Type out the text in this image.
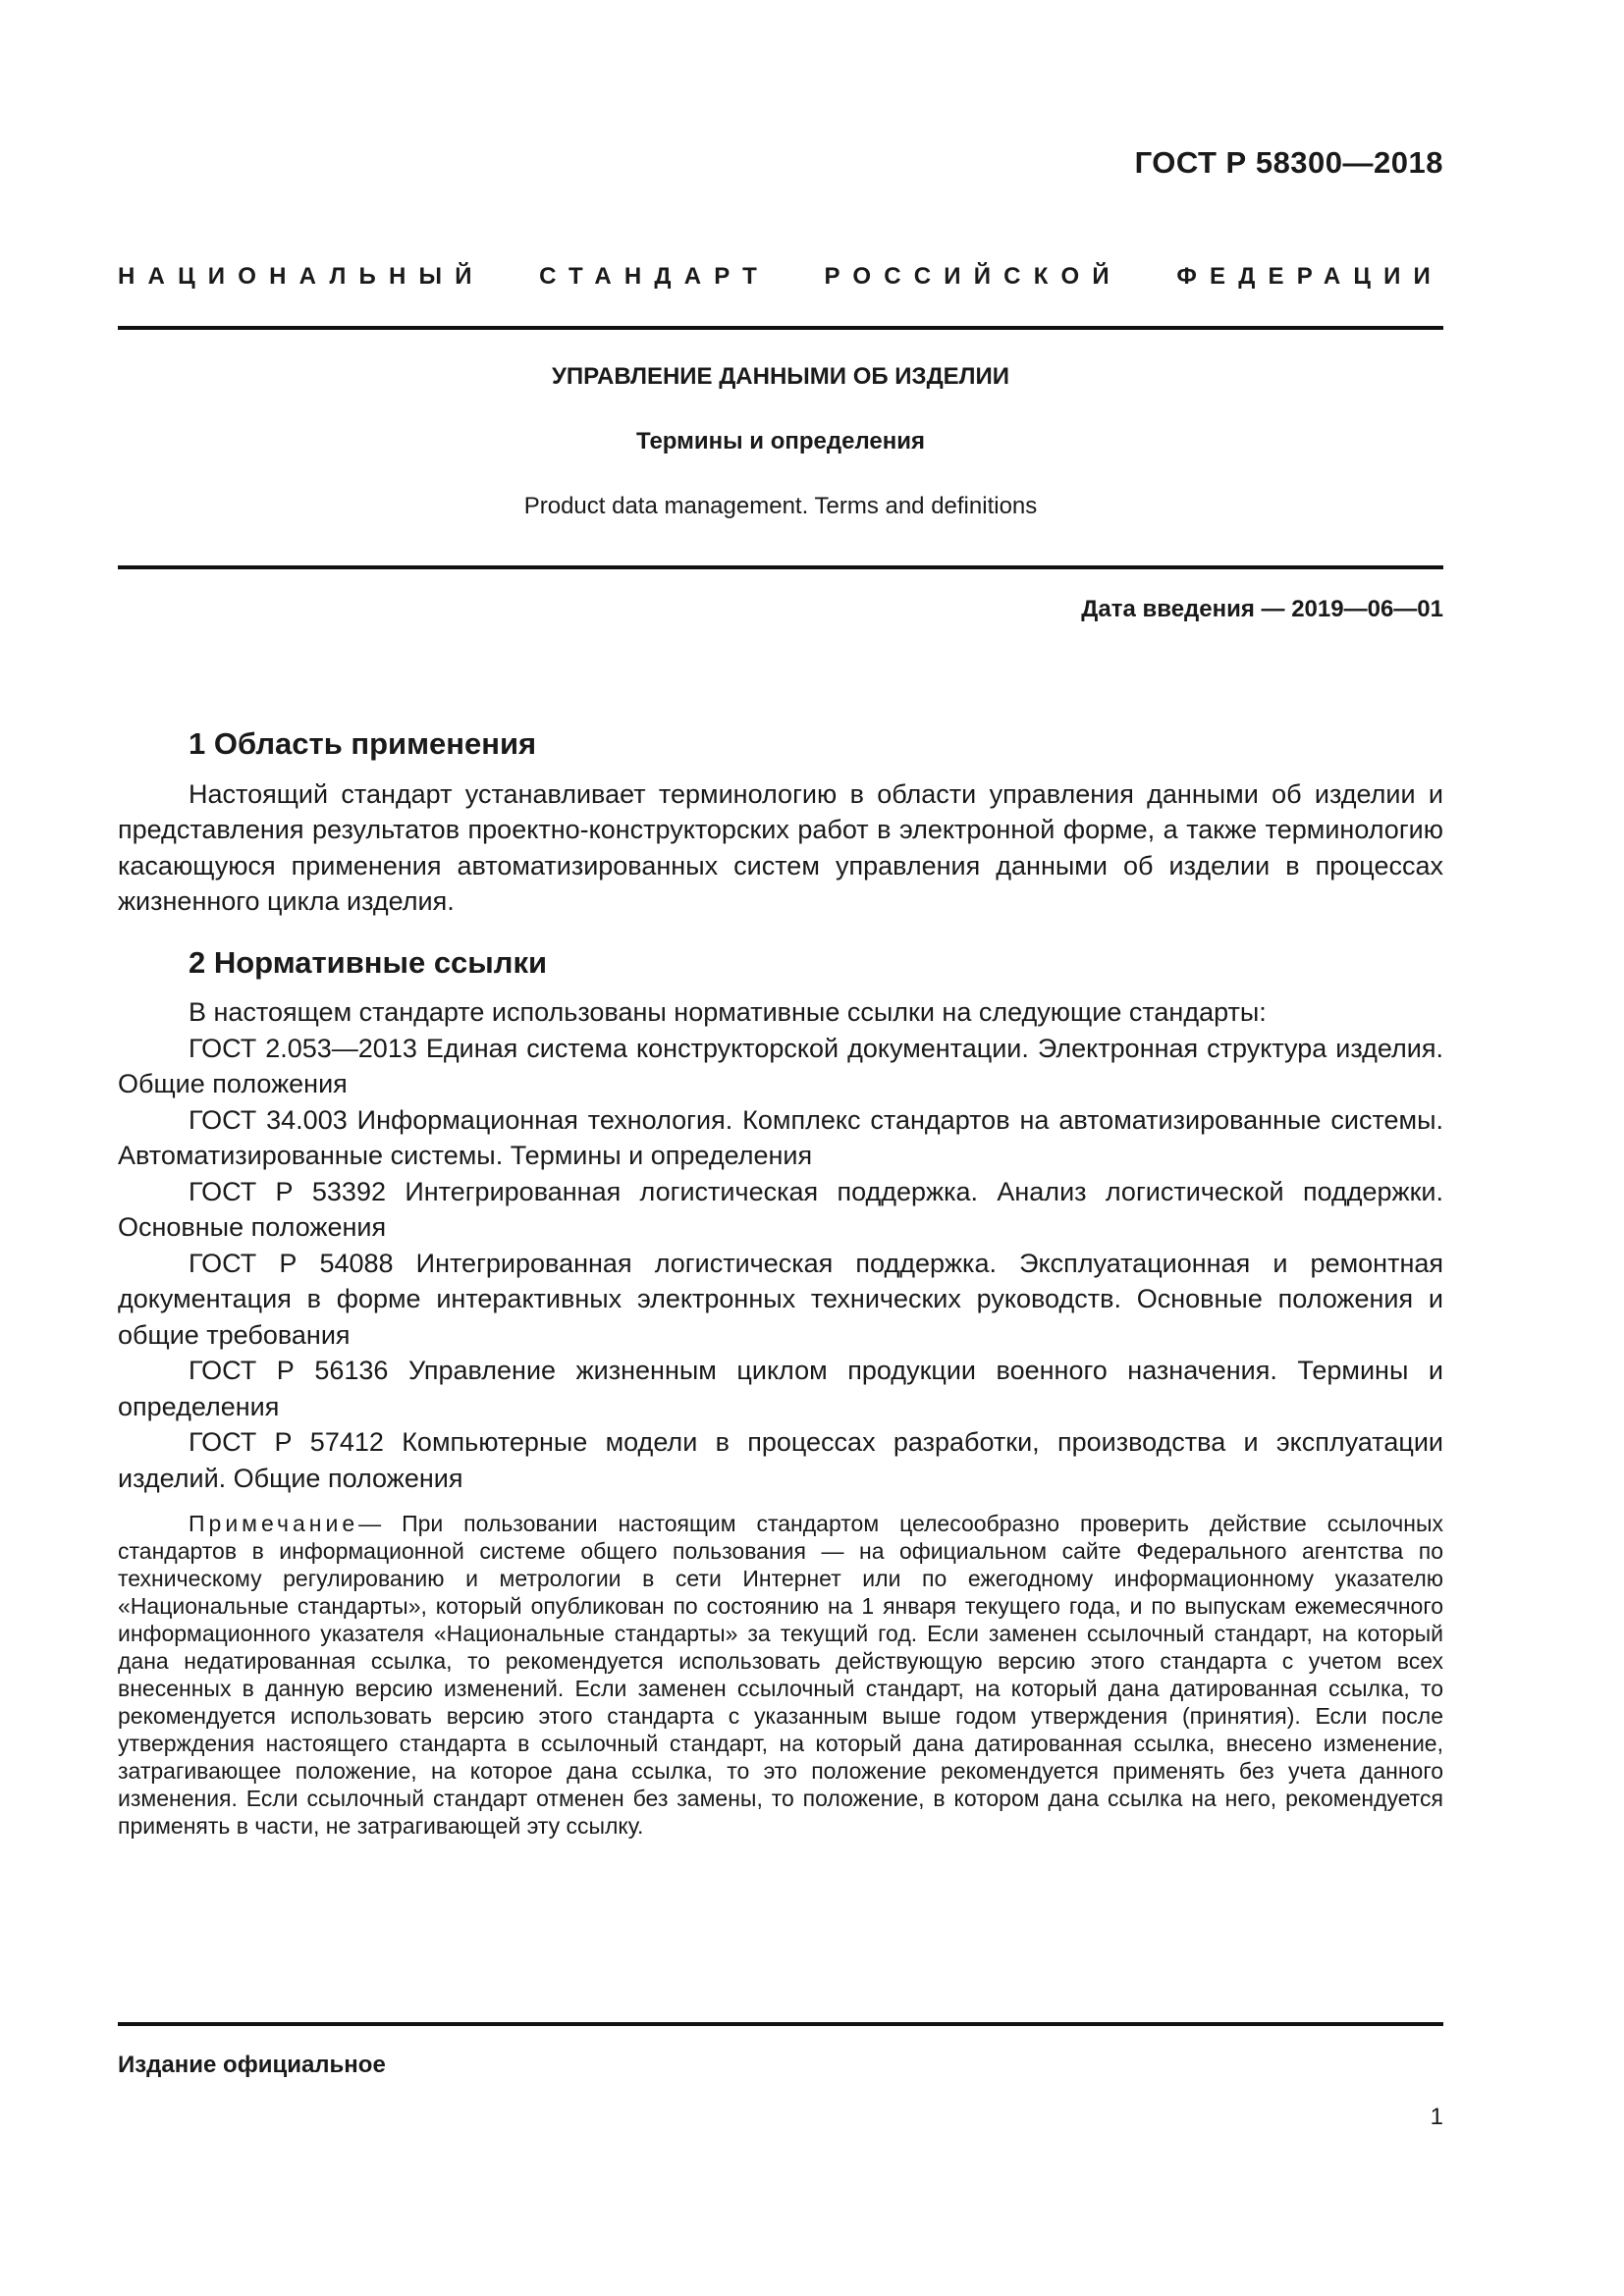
ГОСТ Р 58300—2018
НАЦИОНАЛЬНЫЙ СТАНДАРТ РОССИЙСКОЙ ФЕДЕРАЦИИ
УПРАВЛЕНИЕ ДАННЫМИ ОБ ИЗДЕЛИИ
Термины и определения
Product data management. Terms and definitions
Дата введения — 2019—06—01
1 Область применения

Настоящий стандарт устанавливает терминологию в области управления данными об изделии и представления результатов проектно-конструкторских работ в электронной форме, а также терминологию касающуюся применения автоматизированных систем управления данными об изделии в процессах жизненного цикла изделия.

2 Нормативные ссылки

В настоящем стандарте использованы нормативные ссылки на следующие стандарты:

ГОСТ 2.053—2013 Единая система конструкторской документации. Электронная структура изделия. Общие положения

ГОСТ 34.003 Информационная технология. Комплекс стандартов на автоматизированные системы. Автоматизированные системы. Термины и определения

ГОСТ Р 53392 Интегрированная логистическая поддержка. Анализ логистической поддержки. Основные положения

ГОСТ Р 54088 Интегрированная логистическая поддержка. Эксплуатационная и ремонтная документация в форме интерактивных электронных технических руководств. Основные положения и общие требования

ГОСТ Р 56136 Управление жизненным циклом продукции военного назначения. Термины и определения

ГОСТ Р 57412 Компьютерные модели в процессах разработки, производства и эксплуатации изделий. Общие положения

Примечание— При пользовании настоящим стандартом целесообразно проверить действие ссылочных стандартов в информационной системе общего пользования — на официальном сайте Федерального агентства по техническому регулированию и метрологии в сети Интернет или по ежегодному информационному указателю «Национальные стандарты», который опубликован по состоянию на 1 января текущего года, и по выпускам ежемесячного информационного указателя «Национальные стандарты» за текущий год. Если заменен ссылочный стандарт, на который дана недатированная ссылка, то рекомендуется использовать действующую версию этого стандарта с учетом всех внесенных в данную версию изменений. Если заменен ссылочный стандарт, на который дана датированная ссылка, то рекомендуется использовать версию этого стандарта с указанным выше годом утверждения (принятия). Если после утверждения настоящего стандарта в ссылочный стандарт, на который дана датированная ссылка, внесено изменение, затрагивающее положение, на которое дана ссылка, то это положение рекомендуется применять без учета данного изменения. Если ссылочный стандарт отменен без замены, то положение, в котором дана ссылка на него, рекомендуется применять в части, не затрагивающей эту ссылку.

Издание официальное
1
